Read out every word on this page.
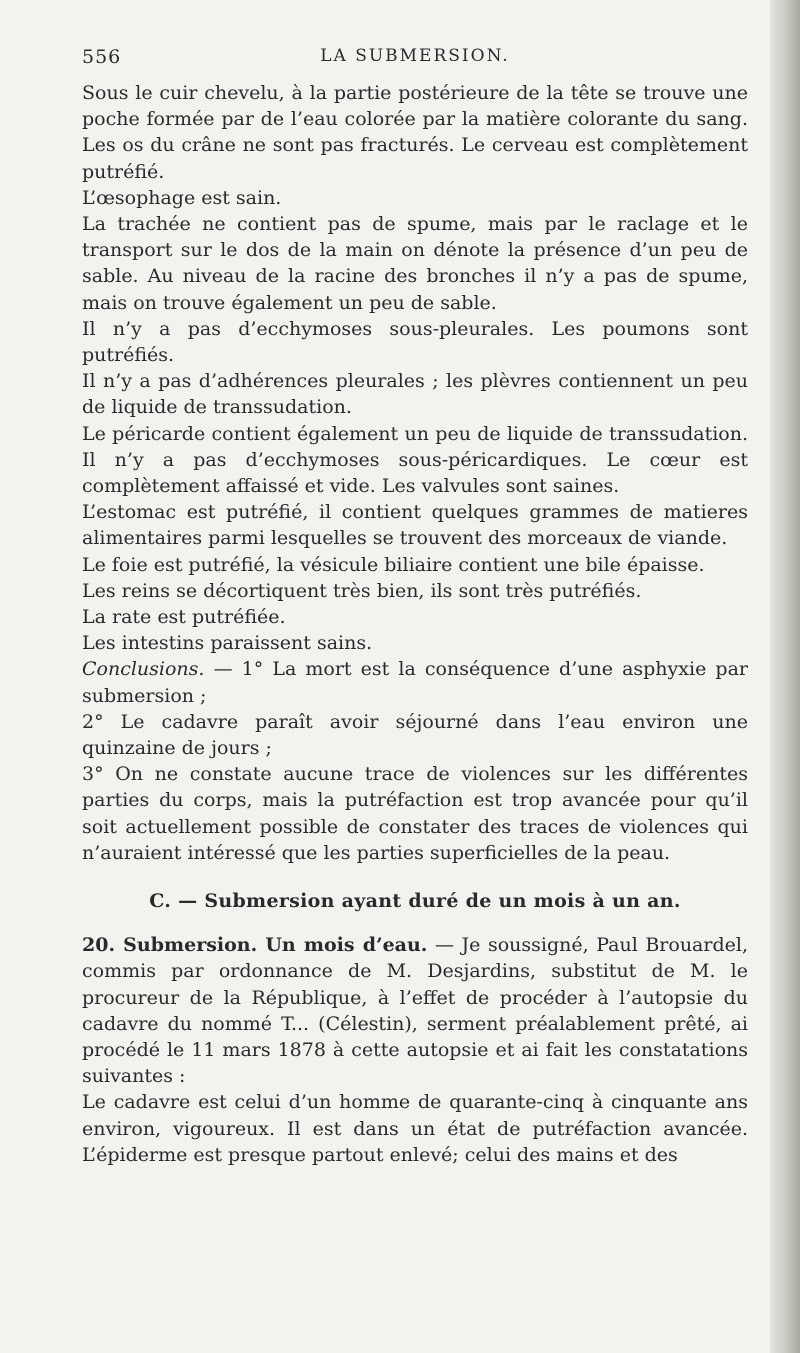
556	LA SUBMERSION.

Sous le cuir chevelu, à la partie postérieure de la tête se trouve une poche formée par de l’eau colorée par la matière colorante du sang. Les os du crâne ne sont pas fracturés. Le cerveau est complètement putréfié.

L’œsophage est sain.

La trachée ne contient pas de spume, mais par le raclage et le transport sur le dos de la main on dénote la présence d’un peu de sable. Au niveau de la racine des bronches il n’y a pas de spume, mais on trouve également un peu de sable.

Il n’y a pas d’ecchymoses sous-pleurales. Les poumons sont putréfiés.

Il n’y a pas d’adhérences pleurales ; les plèvres contiennent un peu de liquide de transsudation.

Le péricarde contient également un peu de liquide de transsudation. Il n’y a pas d’ecchymoses sous-péricardiques. Le cœur est complètement affaissé et vide. Les valvules sont saines.

L’estomac est putréfié, il contient quelques grammes de matieres alimentaires parmi lesquelles se trouvent des morceaux de viande.

Le foie est putréfié, la vésicule biliaire contient une bile épaisse.

Les reins se décortiquent très bien, ils sont très putréfiés.

La rate est putréfiée.

Les intestins paraissent sains.

Conclusions. — 1° La mort est la conséquence d’une asphyxie par submersion ;

2° Le cadavre paraît avoir séjourné dans l’eau environ une quinzaine de jours ;

3° On ne constate aucune trace de violences sur les différentes parties du corps, mais la putréfaction est trop avancée pour qu’il soit actuellement possible de constater des traces de violences qui n’auraient intéressé que les parties superficielles de la peau.

C. — Submersion ayant duré de un mois à un an.

20. Submersion. Un mois d’eau. — Je soussigné, Paul Brouardel, commis par ordonnance de M. Desjardins, substitut de M. le procureur de la République, à l’effet de procéder à l’autopsie du cadavre du nommé T... (Célestin), serment préalablement prêté, ai procédé le 11 mars 1878 à cette autopsie et ai fait les constatations suivantes :

Le cadavre est celui d’un homme de quarante-cinq à cinquante ans environ, vigoureux. Il est dans un état de putréfaction avancée. L’épiderme est presque partout enlevé; celui des mains et des
